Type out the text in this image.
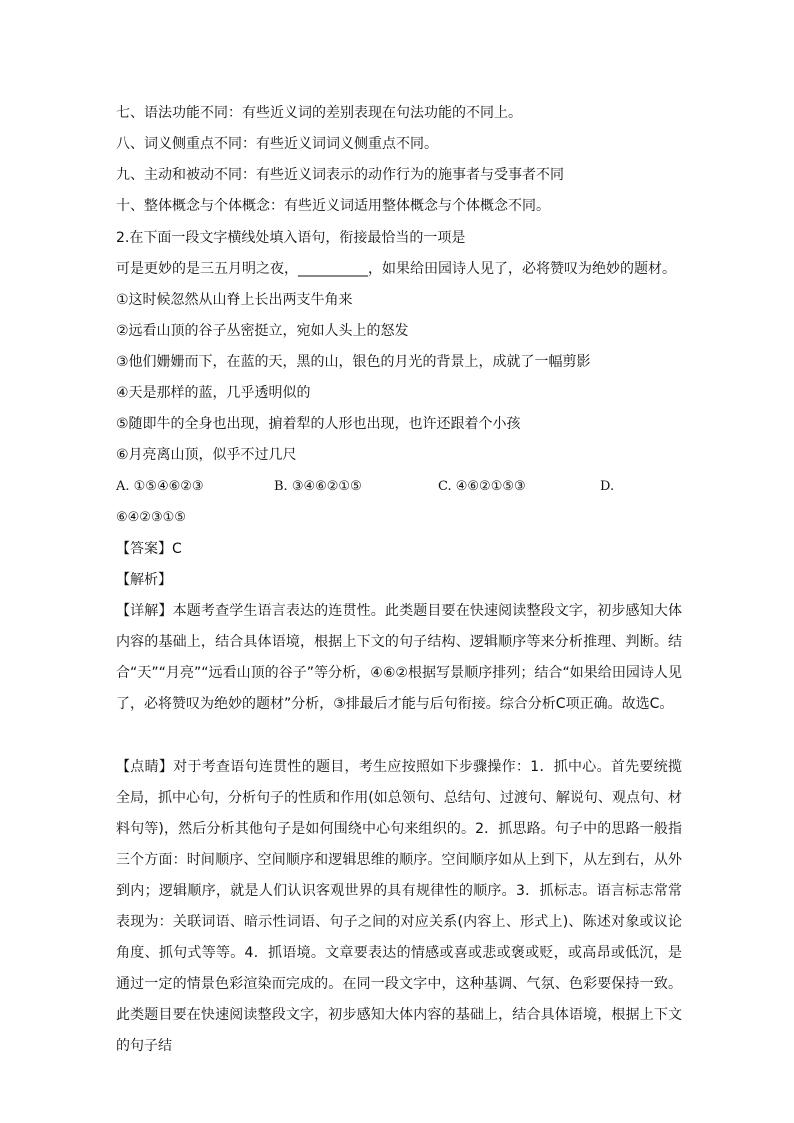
七、语法功能不同：有些近义词的差别表现在句法功能的不同上。
八、词义侧重点不同：有些近义词词义侧重点不同。
九、主动和被动不同：有些近义词表示的动作行为的施事者与受事者不同
十、整体概念与个体概念：有些近义词适用整体概念与个体概念不同。
2.在下面一段文字横线处填入语句，衔接最恰当的一项是
可是更妙的是三五月明之夜，__________，如果给田园诗人见了，必将赞叹为绝妙的题材。
①这时候忽然从山脊上长出两支牛角来
②远看山顶的谷子丛密挺立，宛如人头上的怒发
③他们姗姗而下，在蓝的天，黑的山，银色的月光的背景上，成就了一幅剪影
④天是那样的蓝，几乎透明似的
⑤随即牛的全身也出现，掮着犁的人形也出现，也许还跟着个小孩
⑥月亮离山顶，似乎不过几尺
A. ①⑤④⑥②③	B. ③④⑥②①⑤	C. ④⑥②①⑤③	D.
⑥④②③①⑤
【答案】C
【解析】
【详解】本题考查学生语言表达的连贯性。此类题目要在快速阅读整段文字，初步感知大体内容的基础上，结合具体语境，根据上下文的句子结构、逻辑顺序等来分析推理、判断。结合“天”“月亮”“远看山顶的谷子”等分析，④⑥②根据写景顺序排列；结合“如果给田园诗人见了，必将赞叹为绝妙的题材”分析，③排最后才能与后句衔接。综合分析C项正确。故选C。
【点睛】对于考查语句连贯性的题目，考生应按照如下步骤操作：1．抓中心。首先要统揽全局，抓中心句，分析句子的性质和作用(如总领句、总结句、过渡句、解说句、观点句、材料句等)，然后分析其他句子是如何围绕中心句来组织的。2．抓思路。句子中的思路一般指三个方面：时间顺序、空间顺序和逻辑思维的顺序。空间顺序如从上到下，从左到右，从外到内；逻辑顺序，就是人们认识客观世界的具有规律性的顺序。3．抓标志。语言标志常常表现为：关联词语、暗示性词语、句子之间的对应关系(内容上、形式上)、陈述对象或议论角度、抓句式等等。4．抓语境。文章要表达的情感或喜或悲或褒或贬，或高昂或低沉，是通过一定的情景色彩渲染而完成的。在同一段文字中，这种基调、气氛、色彩要保持一致。此类题目要在快速阅读整段文字，初步感知大体内容的基础上，结合具体语境，根据上下文的句子结
